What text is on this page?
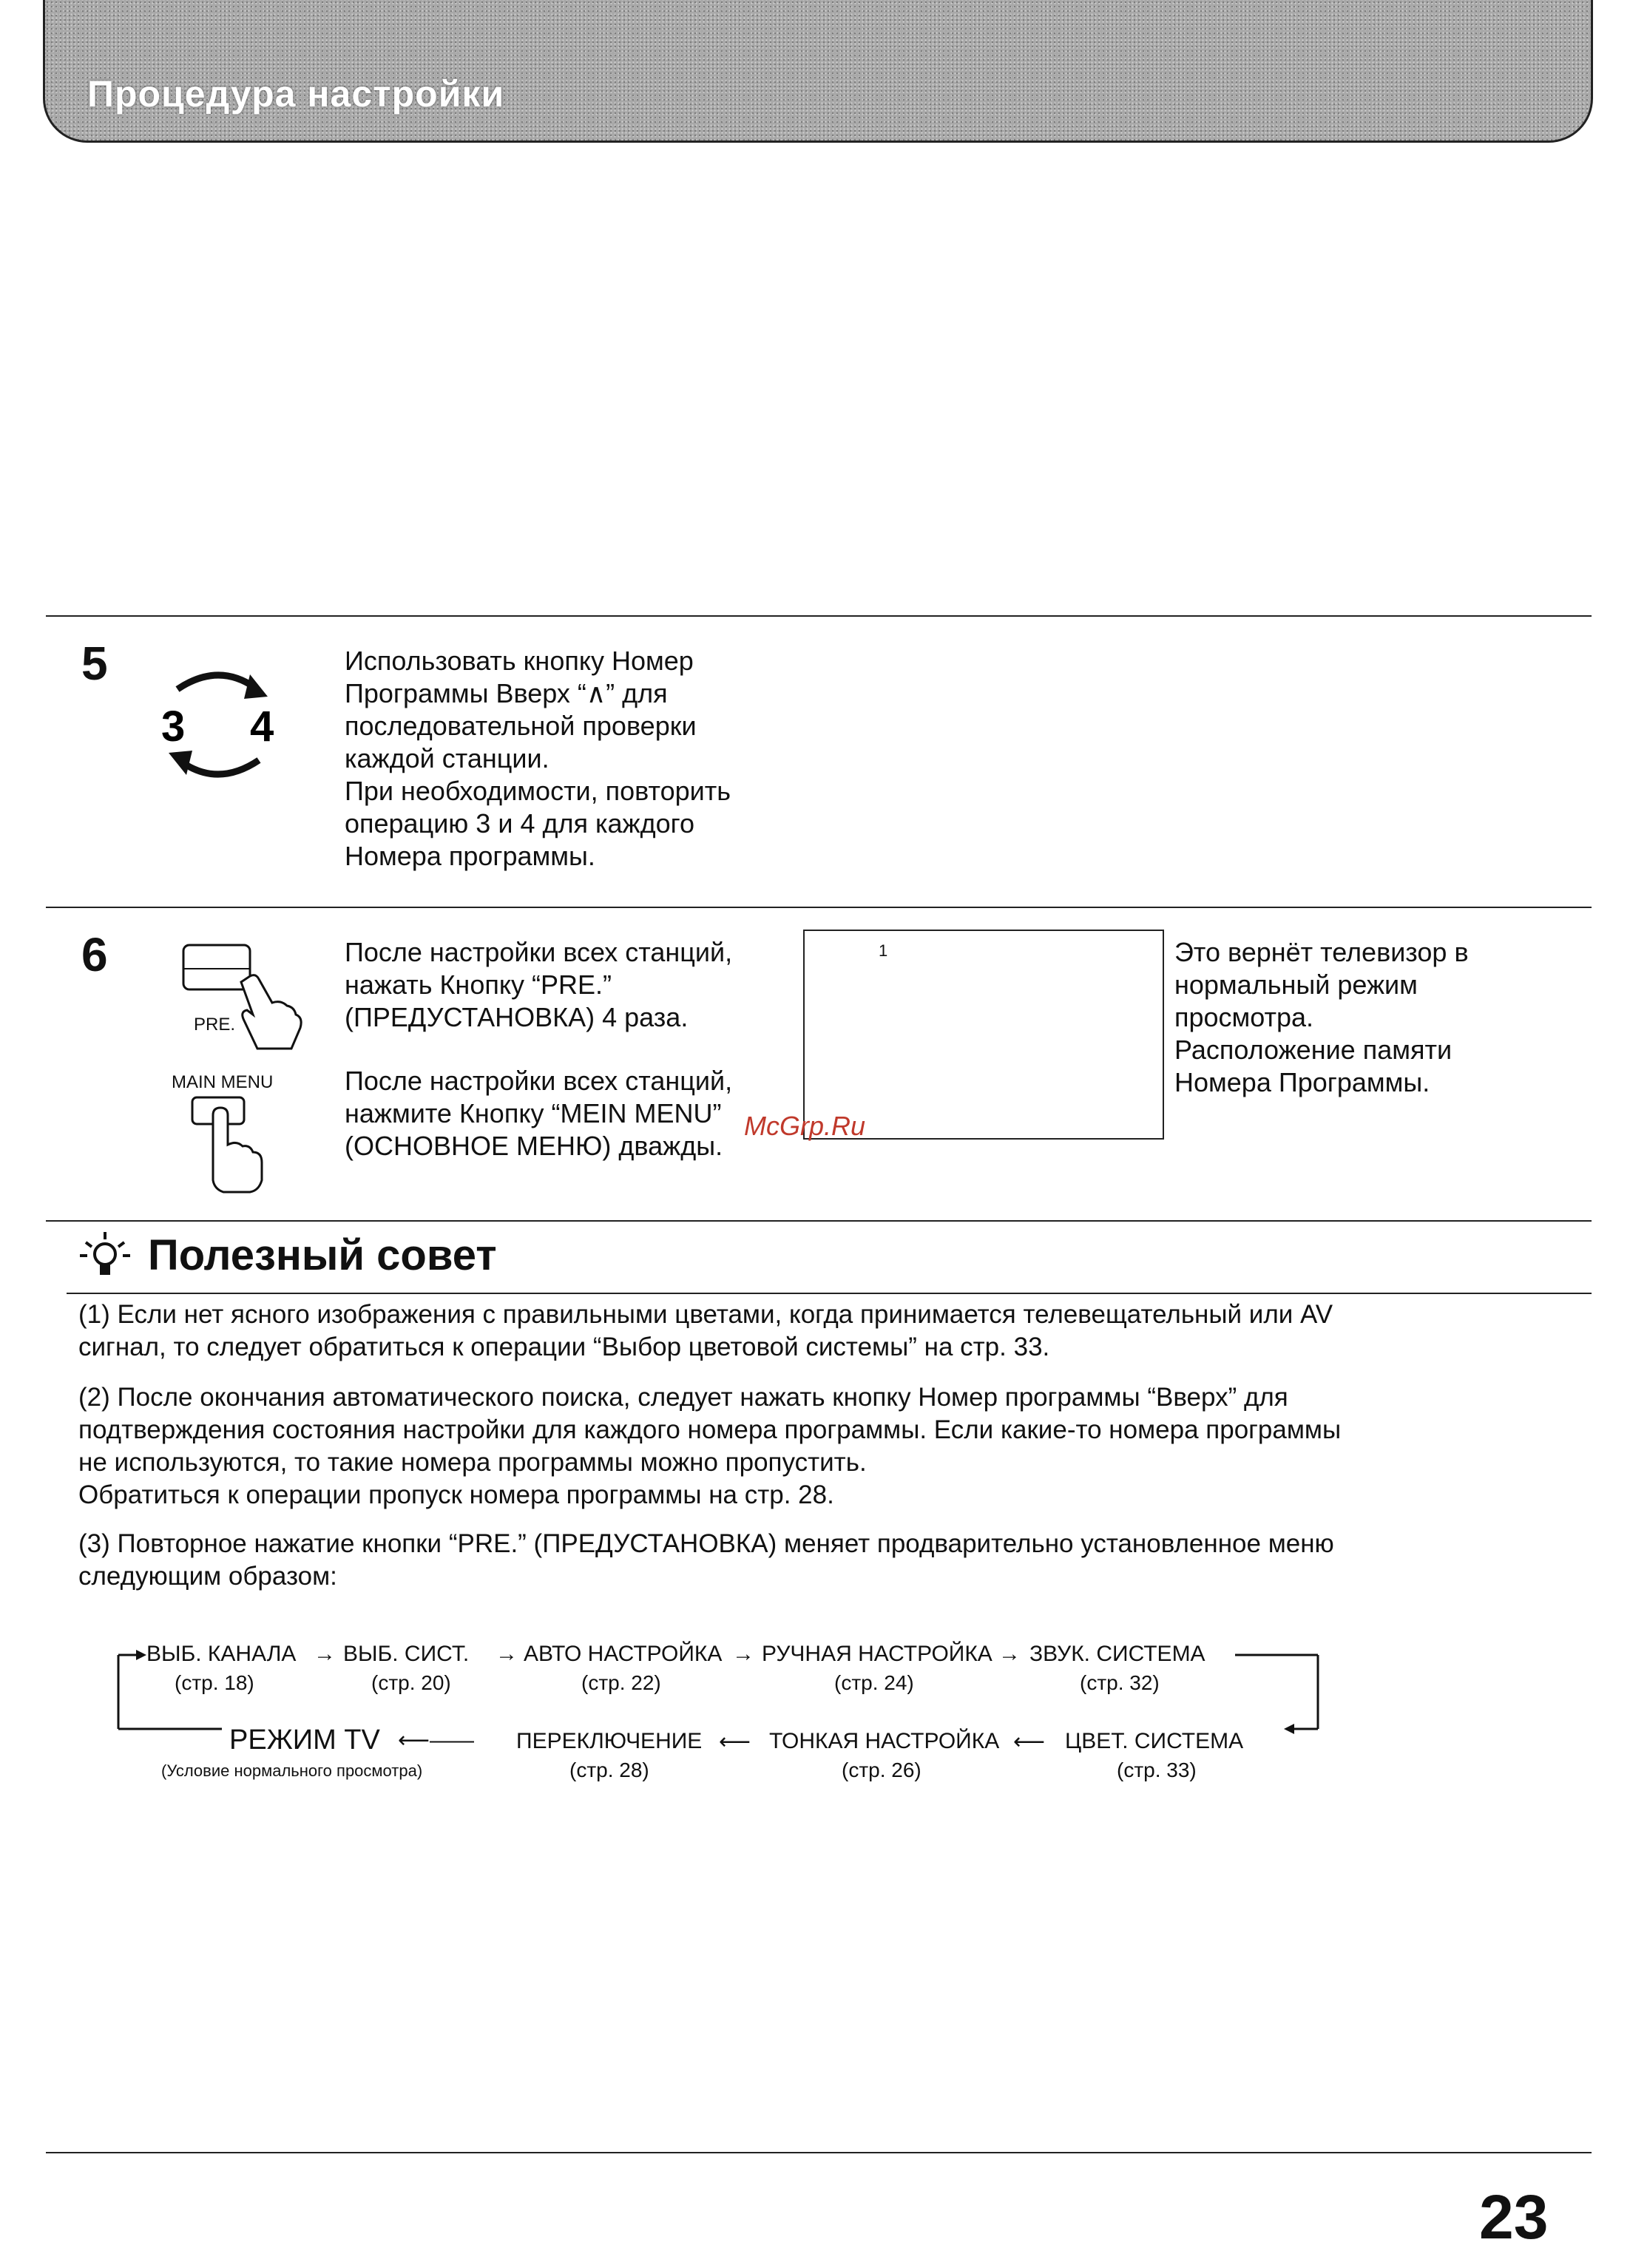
Процедура настройки
5
3 4
Использовать кнопку Номер
Программы Вверх “∧” для
последовательной проверки
каждой станции.
При необходимости, повторить
операцию 3 и 4 для каждого
Номера программы.
6
PRE.
MAIN MENU
После настройки всех станций,
нажать Кнопку “PRE.”
(ПРЕДУСТАНОВКА) 4 раза.
После настройки всех станций,
нажмите Кнопку “MEIN MENU”
(ОСНОВНОЕ МЕНЮ) дважды.
1
McGrp.Ru
Это вернёт телевизор в
нормальный режим
просмотра.
Расположение памяти
Номера Программы.
Полезный совет
(1) Если нет ясного изображения с правильными цветами, когда принимается телевещательный или AV
сигнал, то следует обратиться к операции “Выбор цветовой системы” на стр. 33.
(2) После окончания автоматического поиска, следует нажать кнопку Номер программы “Вверх” для
подтверждения состояния настройки для каждого номера программы. Если какие-то номера программы
не используются, то такие номера программы можно пропустить.
Обратиться к операции пропуск номера программы на стр. 28.
(3) Повторное нажатие кнопки “PRE.” (ПРЕДУСТАНОВКА) меняет продварительно установленное меню
следующим образом:
ВЫБ. КАНАЛА
(стр. 18)
→ ВЫБ. СИСТ.
(стр. 20)
→ АВТО НАСТРОЙКА
(стр. 22)
→ РУЧНАЯ НАСТРОЙКА
(стр. 24)
→ ЗВУК. СИСТЕМА
(стр. 32)
РЕЖИМ TV
(Условие нормального просмотра)
⟵—— ПЕРЕКЛЮЧЕНИЕ
(стр. 28)
⟵ ТОНКАЯ НАСТРОЙКА
(стр. 26)
⟵ ЦВЕТ. СИСТЕМА
(стр. 33)
23
